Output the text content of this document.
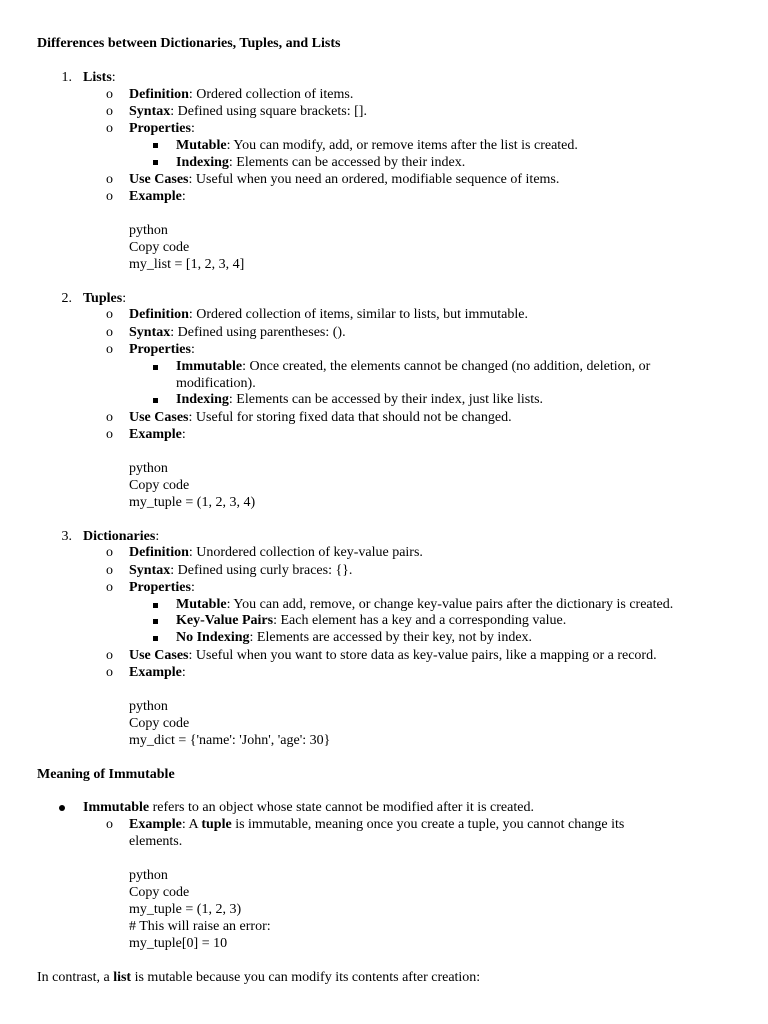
Differences between Dictionaries, Tuples, and Lists
1. Lists:
o Definition: Ordered collection of items.
o Syntax: Defined using square brackets: [].
o Properties:
Mutable: You can modify, add, or remove items after the list is created.
Indexing: Elements can be accessed by their index.
o Use Cases: Useful when you need an ordered, modifiable sequence of items.
o Example:
python
Copy code
my_list = [1, 2, 3, 4]
2. Tuples:
o Definition: Ordered collection of items, similar to lists, but immutable.
o Syntax: Defined using parentheses: ().
o Properties:
Immutable: Once created, the elements cannot be changed (no addition, deletion, or
modification).
Indexing: Elements can be accessed by their index, just like lists.
o Use Cases: Useful for storing fixed data that should not be changed.
o Example:
python
Copy code
my_tuple = (1, 2, 3, 4)
3. Dictionaries:
o Definition: Unordered collection of key-value pairs.
o Syntax: Defined using curly braces: {}.
o Properties:
Mutable: You can add, remove, or change key-value pairs after the dictionary is created.
Key-Value Pairs: Each element has a key and a corresponding value.
No Indexing: Elements are accessed by their key, not by index.
o Use Cases: Useful when you want to store data as key-value pairs, like a mapping or a record.
o Example:
python
Copy code
my_dict = {'name': 'John', 'age': 30}
Meaning of Immutable
Immutable refers to an object whose state cannot be modified after it is created.
o Example: A tuple is immutable, meaning once you create a tuple, you cannot change its
elements.
python
Copy code
my_tuple = (1, 2, 3)
# This will raise an error:
my_tuple[0] = 10
In contrast, a list is mutable because you can modify its contents after creation:
